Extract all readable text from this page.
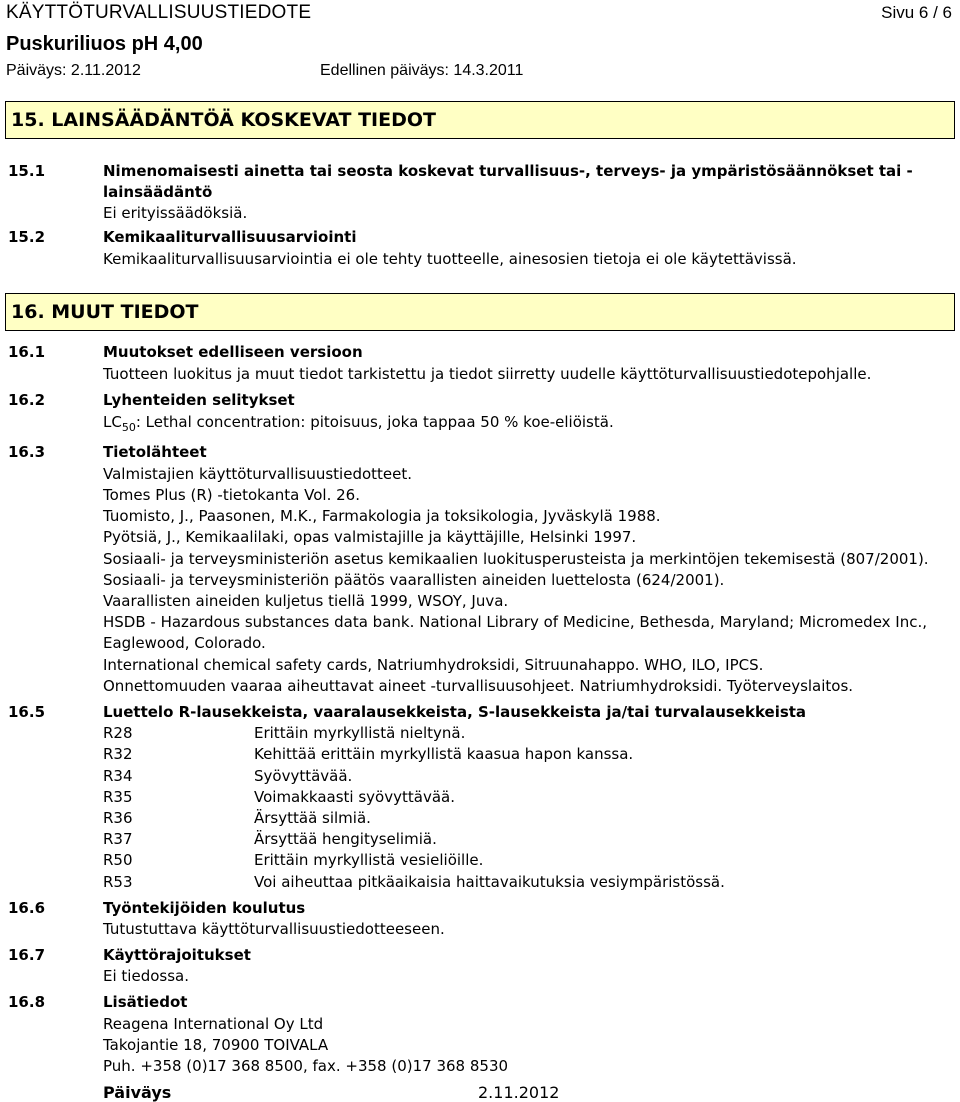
KÄYTTÖTURVALLISUUSTIEDOTE	Sivu 6 / 6
Puskuriliuos pH 4,00
Päiväys: 2.11.2012	Edellinen päiväys: 14.3.2011
15. LAINSÄÄDÄNTÖÄ KOSKEVAT TIEDOT
15.1	Nimenomaisesti ainetta tai seosta koskevat turvallisuus-, terveys- ja ympäristösäännökset tai -
lainsäädäntö
Ei erityissäädöksiä.
15.2	Kemikaaliturvallisuusarviointi
Kemikaaliturvallisuusarviointia ei ole tehty tuotteelle, ainesosien tietoja ei ole käytettävissä.
16. MUUT TIEDOT
16.1	Muutokset edelliseen versioon
Tuotteen luokitus ja muut tiedot tarkistettu ja tiedot siirretty uudelle käyttöturvallisuustiedotepohjalle.
16.2	Lyhenteiden selitykset
$LC_{50}$: Lethal concentration: pitoisuus, joka tappaa 50 % koe-eliöistä.
16.3	Tietolähteet
Valmistajien käyttöturvallisuustiedotteet.
Tomes Plus (R) -tietokanta Vol. 26.
Tuomisto, J., Paasonen, M.K., Farmakologia ja toksikologia, Jyväskylä 1988.
Pyötsiä, J., Kemikaalilaki, opas valmistajille ja käyttäjille, Helsinki 1997.
Sosiaali- ja terveysministeriön asetus kemikaalien luokitusperusteista ja merkintöjen tekemisestä (807/2001).
Sosiaali- ja terveysministeriön päätös vaarallisten aineiden luettelosta (624/2001).
Vaarallisten aineiden kuljetus tiellä 1999, WSOY, Juva.
HSDB - Hazardous substances data bank. National Library of Medicine, Bethesda, Maryland; Micromedex Inc.,
Eaglewood, Colorado.
International chemical safety cards, Natriumhydroksidi, Sitruunahappo. WHO, ILO, IPCS.
Onnettomuuden vaaraa aiheuttavat aineet -turvallisuusohjeet. Natriumhydroksidi. Työterveyslaitos.
16.5	Luettelo R-lausekkeista, vaaralausekkeista, S-lausekkeista ja/tai turvalausekkeista
R28	Erittäin myrkyllistä nieltynä.
R32	Kehittää erittäin myrkyllistä kaasua hapon kanssa.
R34	Syövyttävää.
R35	Voimakkaasti syövyttävää.
R36	Ärsyttää silmiä.
R37	Ärsyttää hengityselimiä.
R50	Erittäin myrkyllistä vesieliöille.
R53	Voi aiheuttaa pitkäaikaisia haittavaikutuksia vesiympäristössä.
16.6	Työntekijöiden koulutus
Tutustuttava käyttöturvallisuustiedotteeseen.
16.7	Käyttörajoitukset
Ei tiedossa.
16.8	Lisätiedot
Reagena International Oy Ltd
Takojantie 18, 70900 TOIVALA
Puh. +358 (0)17 368 8500, fax. +358 (0)17 368 8530
Päiväys	2.11.2012
